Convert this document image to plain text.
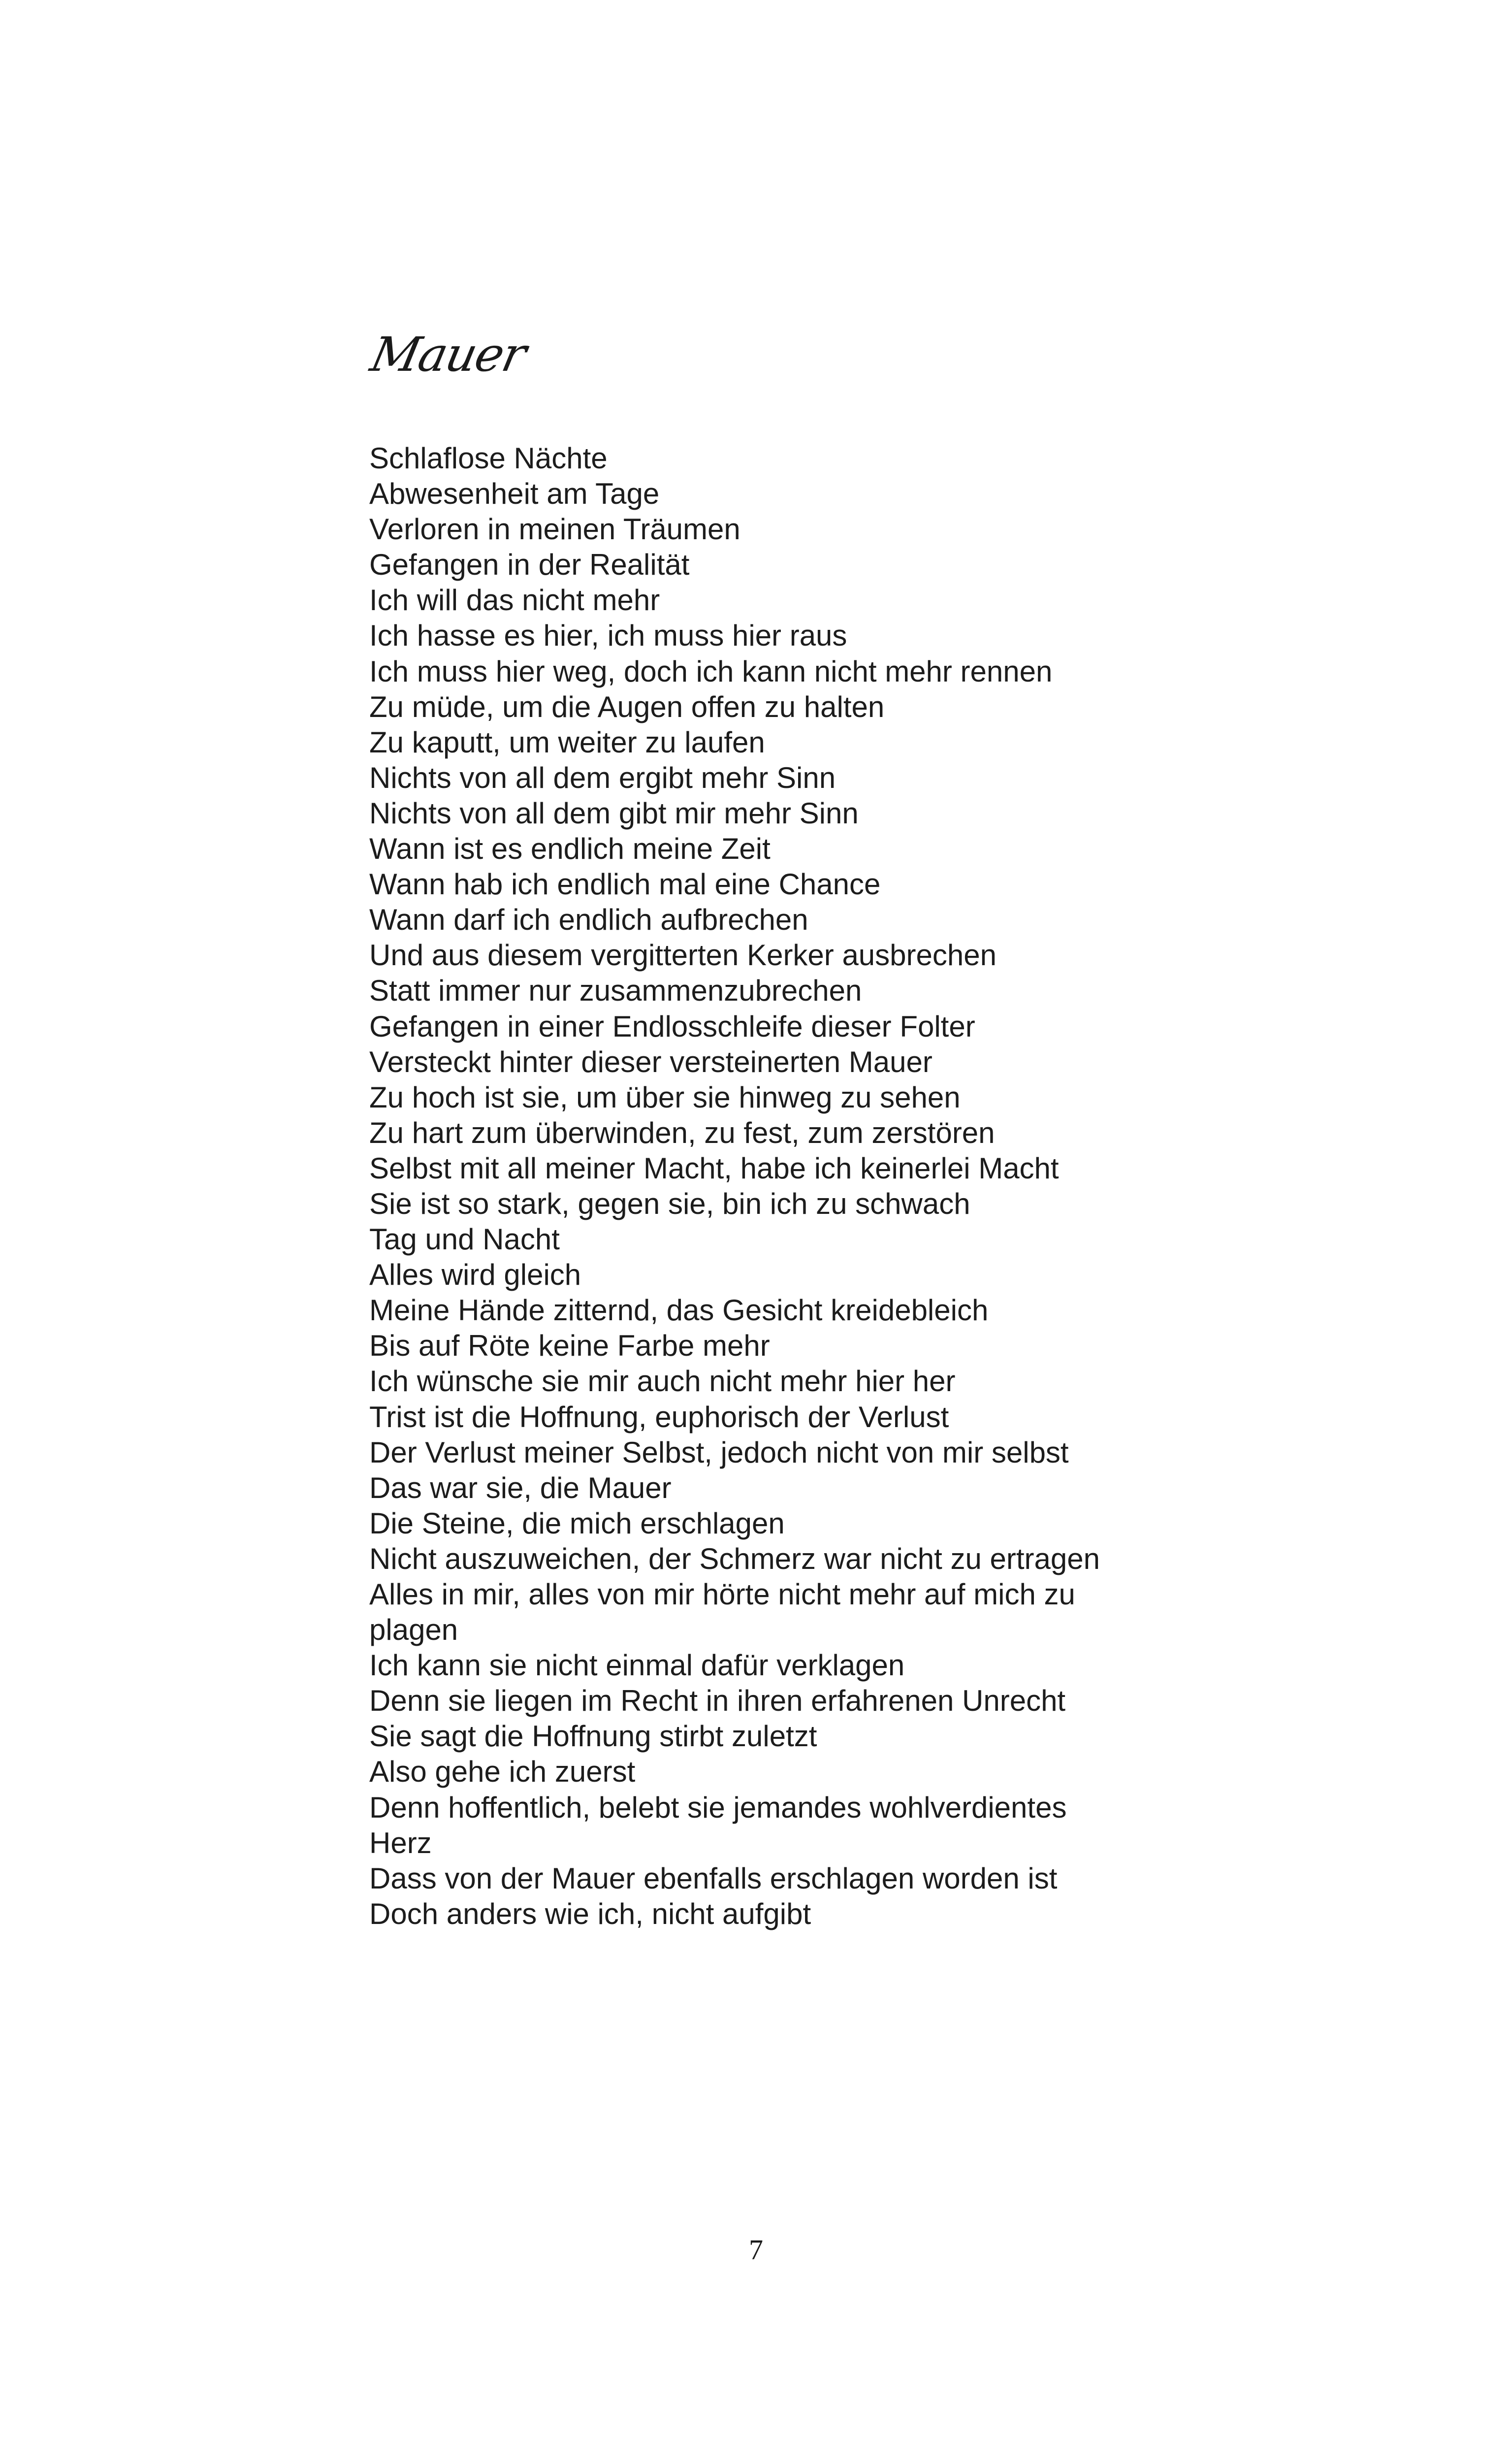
Mauer
Schlaflose Nächte
Abwesenheit am Tage
Verloren in meinen Träumen
Gefangen in der Realität
Ich will das nicht mehr
Ich hasse es hier, ich muss hier raus
Ich muss hier weg, doch ich kann nicht mehr rennen
Zu müde, um die Augen offen zu halten
Zu kaputt, um weiter zu laufen
Nichts von all dem ergibt mehr Sinn
Nichts von all dem gibt mir mehr Sinn
Wann ist es endlich meine Zeit
Wann hab ich endlich mal eine Chance
Wann darf ich endlich aufbrechen
Und aus diesem vergitterten Kerker ausbrechen
Statt immer nur zusammenzubrechen
Gefangen in einer Endlosschleife dieser Folter
Versteckt hinter dieser versteinerten Mauer
Zu hoch ist sie, um über sie hinweg zu sehen
Zu hart zum überwinden, zu fest, zum zerstören
Selbst mit all meiner Macht, habe ich keinerlei Macht
Sie ist so stark, gegen sie, bin ich zu schwach
Tag und Nacht
Alles wird gleich
Meine Hände zitternd, das Gesicht kreidebleich
Bis auf Röte keine Farbe mehr
Ich wünsche sie mir auch nicht mehr hier her
Trist ist die Hoffnung, euphorisch der Verlust
Der Verlust meiner Selbst, jedoch nicht von mir selbst
Das war sie, die Mauer
Die Steine, die mich erschlagen
Nicht auszuweichen, der Schmerz war nicht zu ertragen
Alles in mir, alles von mir hörte nicht mehr auf mich zu
plagen
Ich kann sie nicht einmal dafür verklagen
Denn sie liegen im Recht in ihren erfahrenen Unrecht
Sie sagt die Hoffnung stirbt zuletzt
Also gehe ich zuerst
Denn hoffentlich, belebt sie jemandes wohlverdientes
Herz
Dass von der Mauer ebenfalls erschlagen worden ist
Doch anders wie ich, nicht aufgibt
7
